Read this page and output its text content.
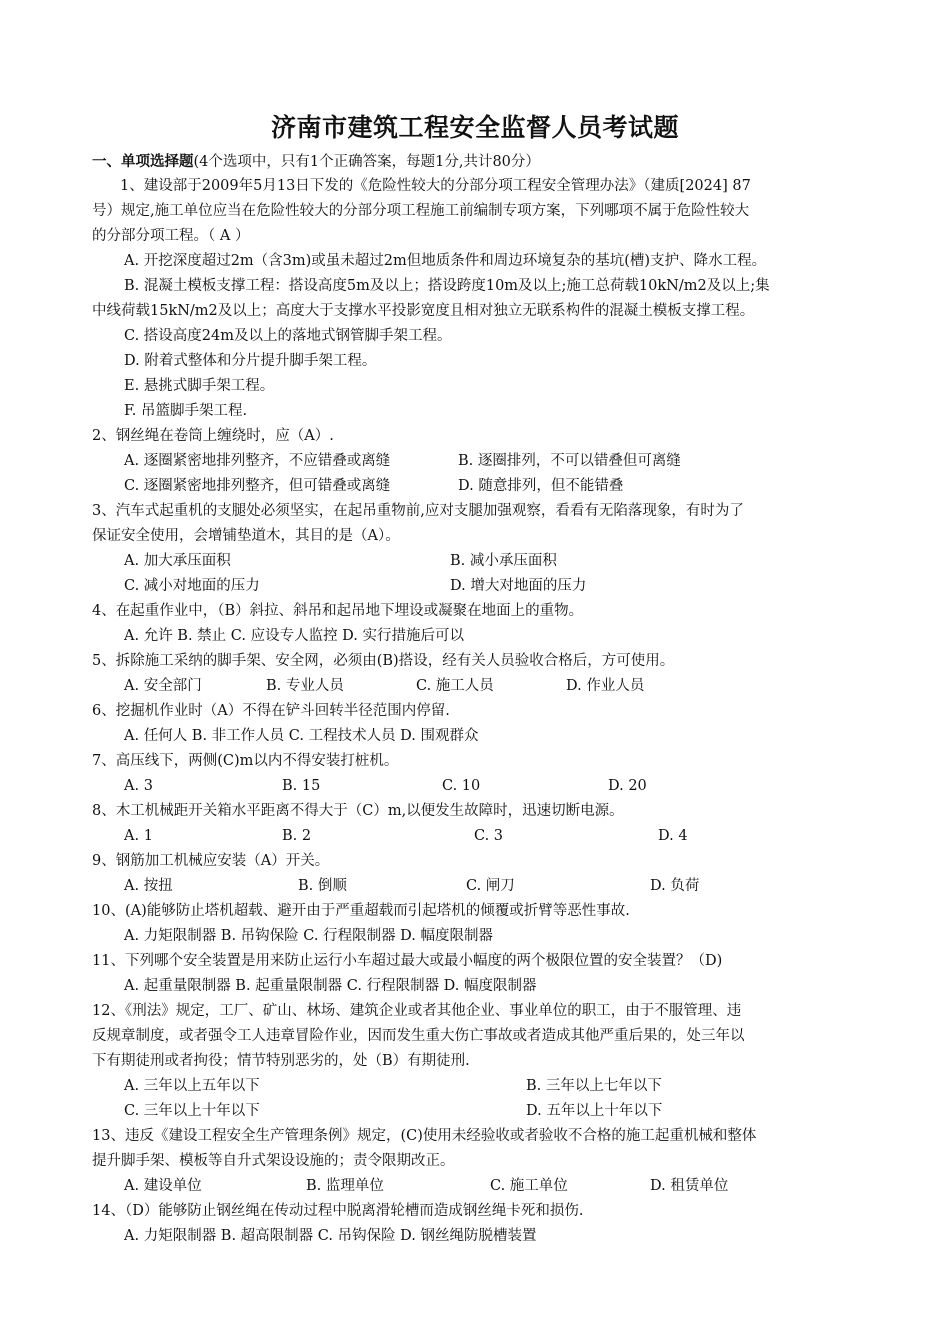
济南市建筑工程安全监督人员考试题
一、单项选择题(4个选项中，只有1个正确答案，每题1分,共计80分）
1、建设部于2009年5月13日下发的《危险性较大的分部分项工程安全管理办法》（建质[2024] 87
号）规定,施工单位应当在危险性较大的分部分项工程施工前编制专项方案，下列哪项不属于危险性较大
的分部分项工程。（ A ）
A. 开挖深度超过2m（含3m)或虽未超过2m但地质条件和周边环境复杂的基坑(槽)支护、降水工程。
B. 混凝土模板支撑工程：搭设高度5m及以上；搭设跨度10m及以上;施工总荷载10kN/m2及以上;集
中线荷载15kN/m2及以上；高度大于支撑水平投影宽度且相对独立无联系构件的混凝土模板支撑工程。
C. 搭设高度24m及以上的落地式钢管脚手架工程。
D. 附着式整体和分片提升脚手架工程。
E. 悬挑式脚手架工程。
F. 吊篮脚手架工程.
2、钢丝绳在卷筒上缠绕时，应（A）.
A. 逐圈紧密地排列整齐，不应错叠或离缝	B. 逐圈排列，不可以错叠但可离缝
C. 逐圈紧密地排列整齐，但可错叠或离缝	D. 随意排列，但不能错叠
3、汽车式起重机的支腿处必须坚实，在起吊重物前,应对支腿加强观察，看看有无陷落现象，有时为了
保证安全使用，会增铺垫道木，其目的是（A）。
A. 加大承压面积	B. 减小承压面积
C. 减小对地面的压力	D. 增大对地面的压力
4、在起重作业中，（B）斜拉、斜吊和起吊地下埋设或凝聚在地面上的重物。
A. 允许 B. 禁止 C. 应设专人监控 D. 实行措施后可以
5、拆除施工采纳的脚手架、安全网，必须由(B)搭设，经有关人员验收合格后，方可使用。
A. 安全部门	B. 专业人员	C. 施工人员	D. 作业人员
6、挖掘机作业时（A）不得在铲斗回转半径范围内停留.
A. 任何人 B. 非工作人员 C. 工程技术人员 D. 围观群众
7、高压线下，两侧(C)m以内不得安装打桩机。
A. 3	B. 15	C. 10	D. 20
8、木工机械距开关箱水平距离不得大于（C）m,以便发生故障时，迅速切断电源。
A. 1	B. 2	C. 3	D. 4
9、钢筋加工机械应安装（A）开关。
A. 按扭	B. 倒顺	C. 闸刀	D. 负荷
10、(A)能够防止塔机超载、避开由于严重超载而引起塔机的倾覆或折臂等恶性事故.
A. 力矩限制器 B. 吊钩保险 C. 行程限制器 D. 幅度限制器
11、下列哪个安全装置是用来防止运行小车超过最大或最小幅度的两个极限位置的安全装置？（D)
A. 起重量限制器 B. 起重量限制器 C. 行程限制器 D. 幅度限制器
12、《刑法》规定，工厂、矿山、林场、建筑企业或者其他企业、事业单位的职工，由于不服管理、违
反规章制度，或者强令工人违章冒险作业，因而发生重大伤亡事故或者造成其他严重后果的，处三年以
下有期徒刑或者拘役；情节特别恶劣的，处（B）有期徒刑.
A. 三年以上五年以下	B. 三年以上七年以下
C. 三年以上十年以下	D. 五年以上十年以下
13、违反《建设工程安全生产管理条例》规定，(C)使用未经验收或者验收不合格的施工起重机械和整体
提升脚手架、模板等自升式架设设施的；责令限期改正。
A. 建设单位	B. 监理单位	C. 施工单位	D. 租赁单位
14、（D）能够防止钢丝绳在传动过程中脱离滑轮槽而造成钢丝绳卡死和损伤.
A. 力矩限制器 B. 超高限制器 C. 吊钩保险 D. 钢丝绳防脱槽装置
